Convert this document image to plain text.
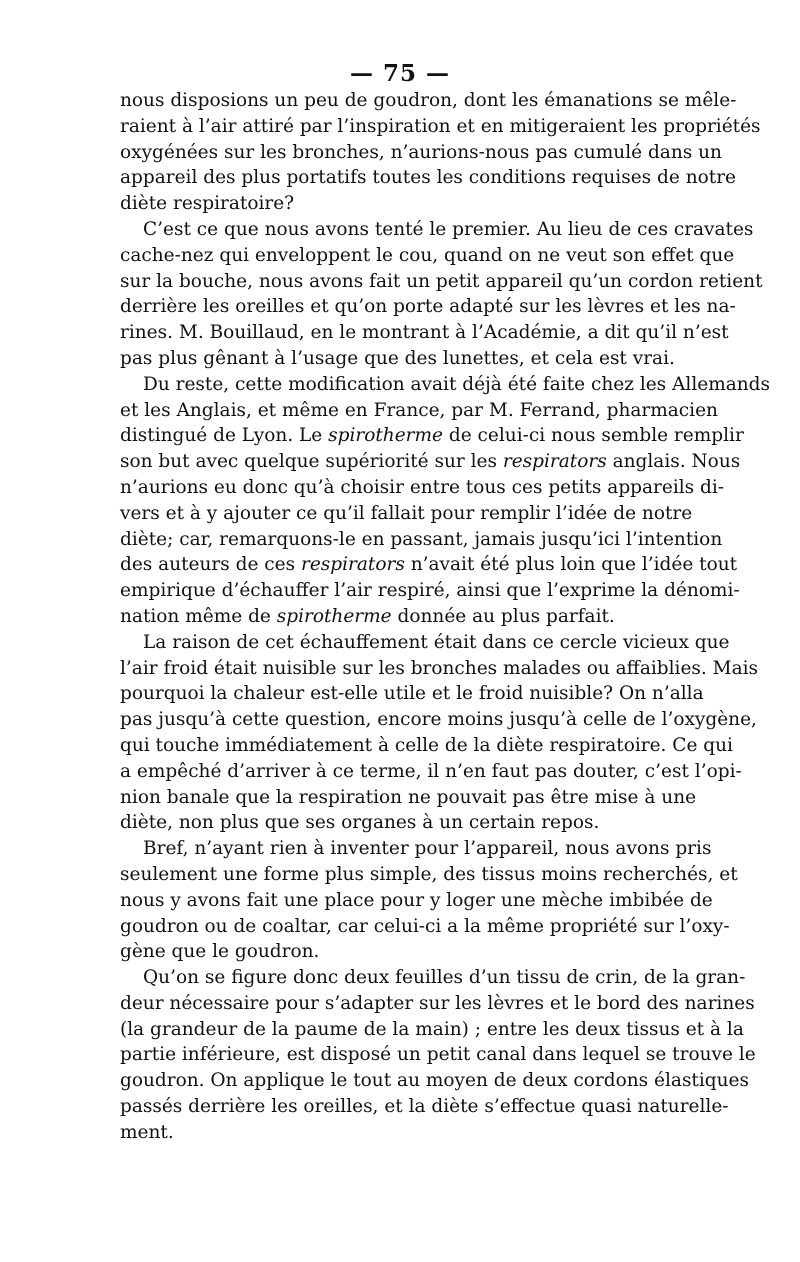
— 75 —
nous disposions un peu de goudron, dont les émanations se mêle-
raient à l’air attiré par l’inspiration et en mitigeraient les propriétés
oxygénées sur les bronches, n’aurions-nous pas cumulé dans un
appareil des plus portatifs toutes les conditions requises de notre
diète respiratoire?
C’est ce que nous avons tenté le premier. Au lieu de ces cravates
cache-nez qui enveloppent le cou, quand on ne veut son effet que
sur la bouche, nous avons fait un petit appareil qu’un cordon retient
derrière les oreilles et qu’on porte adapté sur les lèvres et les na-
rines. M. Bouillaud, en le montrant à l’Académie, a dit qu’il n’est
pas plus gênant à l’usage que des lunettes, et cela est vrai.
Du reste, cette modification avait déjà été faite chez les Allemands
et les Anglais, et même en France, par M. Ferrand, pharmacien
distingué de Lyon. Le spirotherme de celui-ci nous semble remplir
son but avec quelque supériorité sur les respirators anglais. Nous
n’aurions eu donc qu’à choisir entre tous ces petits appareils di-
vers et à y ajouter ce qu’il fallait pour remplir l’idée de notre
diète; car, remarquons-le en passant, jamais jusqu’ici l’intention
des auteurs de ces respirators n’avait été plus loin que l’idée tout
empirique d’échauffer l’air respiré, ainsi que l’exprime la dénomi-
nation même de spirotherme donnée au plus parfait.
La raison de cet échauffement était dans ce cercle vicieux que
l’air froid était nuisible sur les bronches malades ou affaiblies. Mais
pourquoi la chaleur est-elle utile et le froid nuisible? On n’alla
pas jusqu’à cette question, encore moins jusqu’à celle de l’oxygène,
qui touche immédiatement à celle de la diète respiratoire. Ce qui
a empêché d’arriver à ce terme, il n’en faut pas douter, c’est l’opi-
nion banale que la respiration ne pouvait pas être mise à une
diète, non plus que ses organes à un certain repos.
Bref, n’ayant rien à inventer pour l’appareil, nous avons pris
seulement une forme plus simple, des tissus moins recherchés, et
nous y avons fait une place pour y loger une mèche imbibée de
goudron ou de coaltar, car celui-ci a la même propriété sur l’oxy-
gène que le goudron.
Qu’on se figure donc deux feuilles d’un tissu de crin, de la gran-
deur nécessaire pour s’adapter sur les lèvres et le bord des narines
(la grandeur de la paume de la main) ; entre les deux tissus et à la
partie inférieure, est disposé un petit canal dans lequel se trouve le
goudron. On applique le tout au moyen de deux cordons élastiques
passés derrière les oreilles, et la diète s’effectue quasi naturelle-
ment.
